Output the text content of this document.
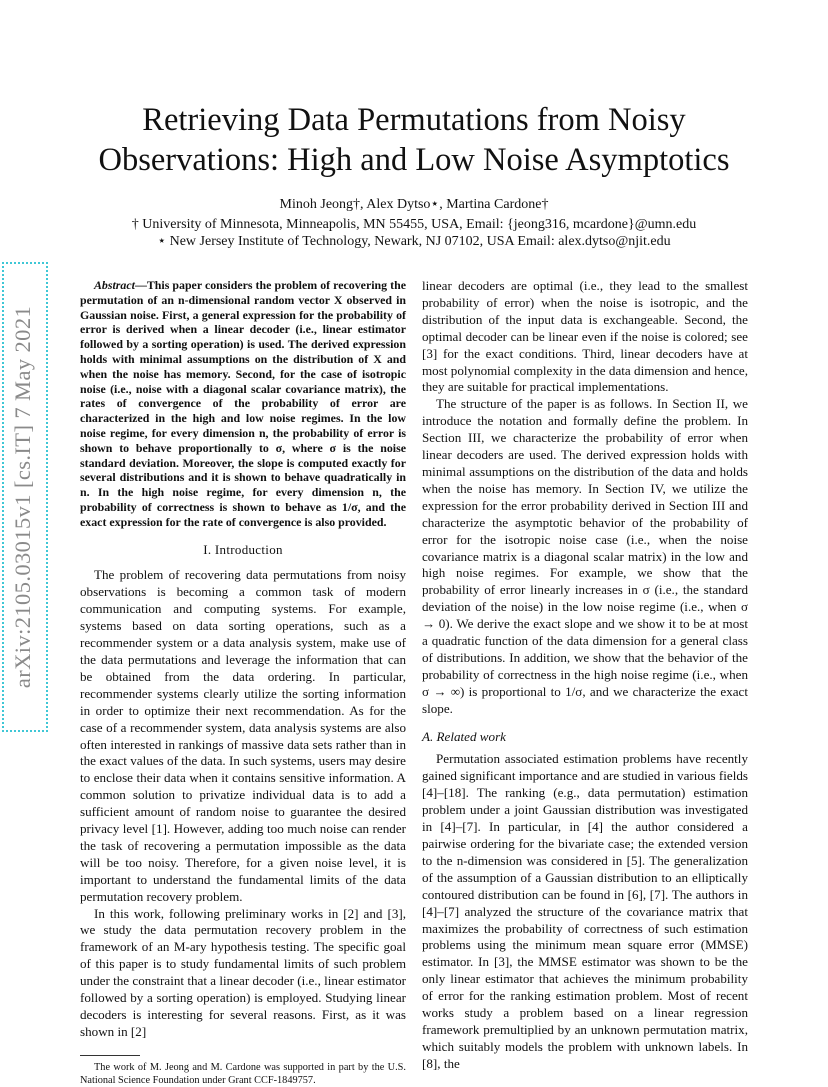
arXiv:2105.03015v1 [cs.IT] 7 May 2021
Retrieving Data Permutations from Noisy
Observations: High and Low Noise Asymptotics
Minoh Jeong†, Alex Dytso⋆, Martina Cardone†
† University of Minnesota, Minneapolis, MN 55455, USA, Email: {jeong316, mcardone}@umn.edu
⋆ New Jersey Institute of Technology, Newark, NJ 07102, USA Email: alex.dytso@njit.edu

Abstract—This paper considers the problem of recovering the permutation of an n-dimensional random vector X observed in Gaussian noise. First, a general expression for the probability of error is derived when a linear decoder (i.e., linear estimator followed by a sorting operation) is used. The derived expression holds with minimal assumptions on the distribution of X and when the noise has memory. Second, for the case of isotropic noise (i.e., noise with a diagonal scalar covariance matrix), the rates of convergence of the probability of error are characterized in the high and low noise regimes. In the low noise regime, for every dimension n, the probability of error is shown to behave proportionally to σ, where σ is the noise standard deviation. Moreover, the slope is computed exactly for several distributions and it is shown to behave quadratically in n. In the high noise regime, for every dimension n, the probability of correctness is shown to behave as 1/σ, and the exact expression for the rate of convergence is also provided.

I. Introduction

The problem of recovering data permutations from noisy observations is becoming a common task of modern communication and computing systems. For example, systems based on data sorting operations, such as a recommender system or a data analysis system, make use of the data permutations and leverage the information that can be obtained from the data ordering. In particular, recommender systems clearly utilize the sorting information in order to optimize their next recommendation. As for the case of a recommender system, data analysis systems are also often interested in rankings of massive data sets rather than in the exact values of the data. In such systems, users may desire to enclose their data when it contains sensitive information. A common solution to privatize individual data is to add a sufficient amount of random noise to guarantee the desired privacy level [1]. However, adding too much noise can render the task of recovering a permutation impossible as the data will be too noisy. Therefore, for a given noise level, it is important to understand the fundamental limits of the data permutation recovery problem.

In this work, following preliminary works in [2] and [3], we study the data permutation recovery problem in the framework of an M-ary hypothesis testing. The specific goal of this paper is to study fundamental limits of such problem under the constraint that a linear decoder (i.e., linear estimator followed by a sorting operation) is employed. Studying linear decoders is interesting for several reasons. First, as it was shown in [2]

The work of M. Jeong and M. Cardone was supported in part by the U.S. National Science Foundation under Grant CCF-1849757.

linear decoders are optimal (i.e., they lead to the smallest probability of error) when the noise is isotropic, and the distribution of the input data is exchangeable. Second, the optimal decoder can be linear even if the noise is colored; see [3] for the exact conditions. Third, linear decoders have at most polynomial complexity in the data dimension and hence, they are suitable for practical implementations.

The structure of the paper is as follows. In Section II, we introduce the notation and formally define the problem. In Section III, we characterize the probability of error when linear decoders are used. The derived expression holds with minimal assumptions on the distribution of the data and holds when the noise has memory. In Section IV, we utilize the expression for the error probability derived in Section III and characterize the asymptotic behavior of the probability of error for the isotropic noise case (i.e., when the noise covariance matrix is a diagonal scalar matrix) in the low and high noise regimes. For example, we show that the probability of error linearly increases in σ (i.e., the standard deviation of the noise) in the low noise regime (i.e., when σ → 0). We derive the exact slope and we show it to be at most a quadratic function of the data dimension for a general class of distributions. In addition, we show that the behavior of the probability of correctness in the high noise regime (i.e., when σ → ∞) is proportional to 1/σ, and we characterize the exact slope.

A. Related work

Permutation associated estimation problems have recently gained significant importance and are studied in various fields [4]–[18]. The ranking (e.g., data permutation) estimation problem under a joint Gaussian distribution was investigated in [4]–[7]. In particular, in [4] the author considered a pairwise ordering for the bivariate case; the extended version to the n-dimension was considered in [5]. The generalization of the assumption of a Gaussian distribution to an elliptically contoured distribution can be found in [6], [7]. The authors in [4]–[7] analyzed the structure of the covariance matrix that maximizes the probability of correctness of such estimation problems using the minimum mean square error (MMSE) estimator. In [3], the MMSE estimator was shown to be the only linear estimator that achieves the minimum probability of error for the ranking estimation problem. Most of recent works study a problem based on a linear regression framework premultiplied by an unknown permutation matrix, which suitably models the problem with unknown labels. In [8], the
